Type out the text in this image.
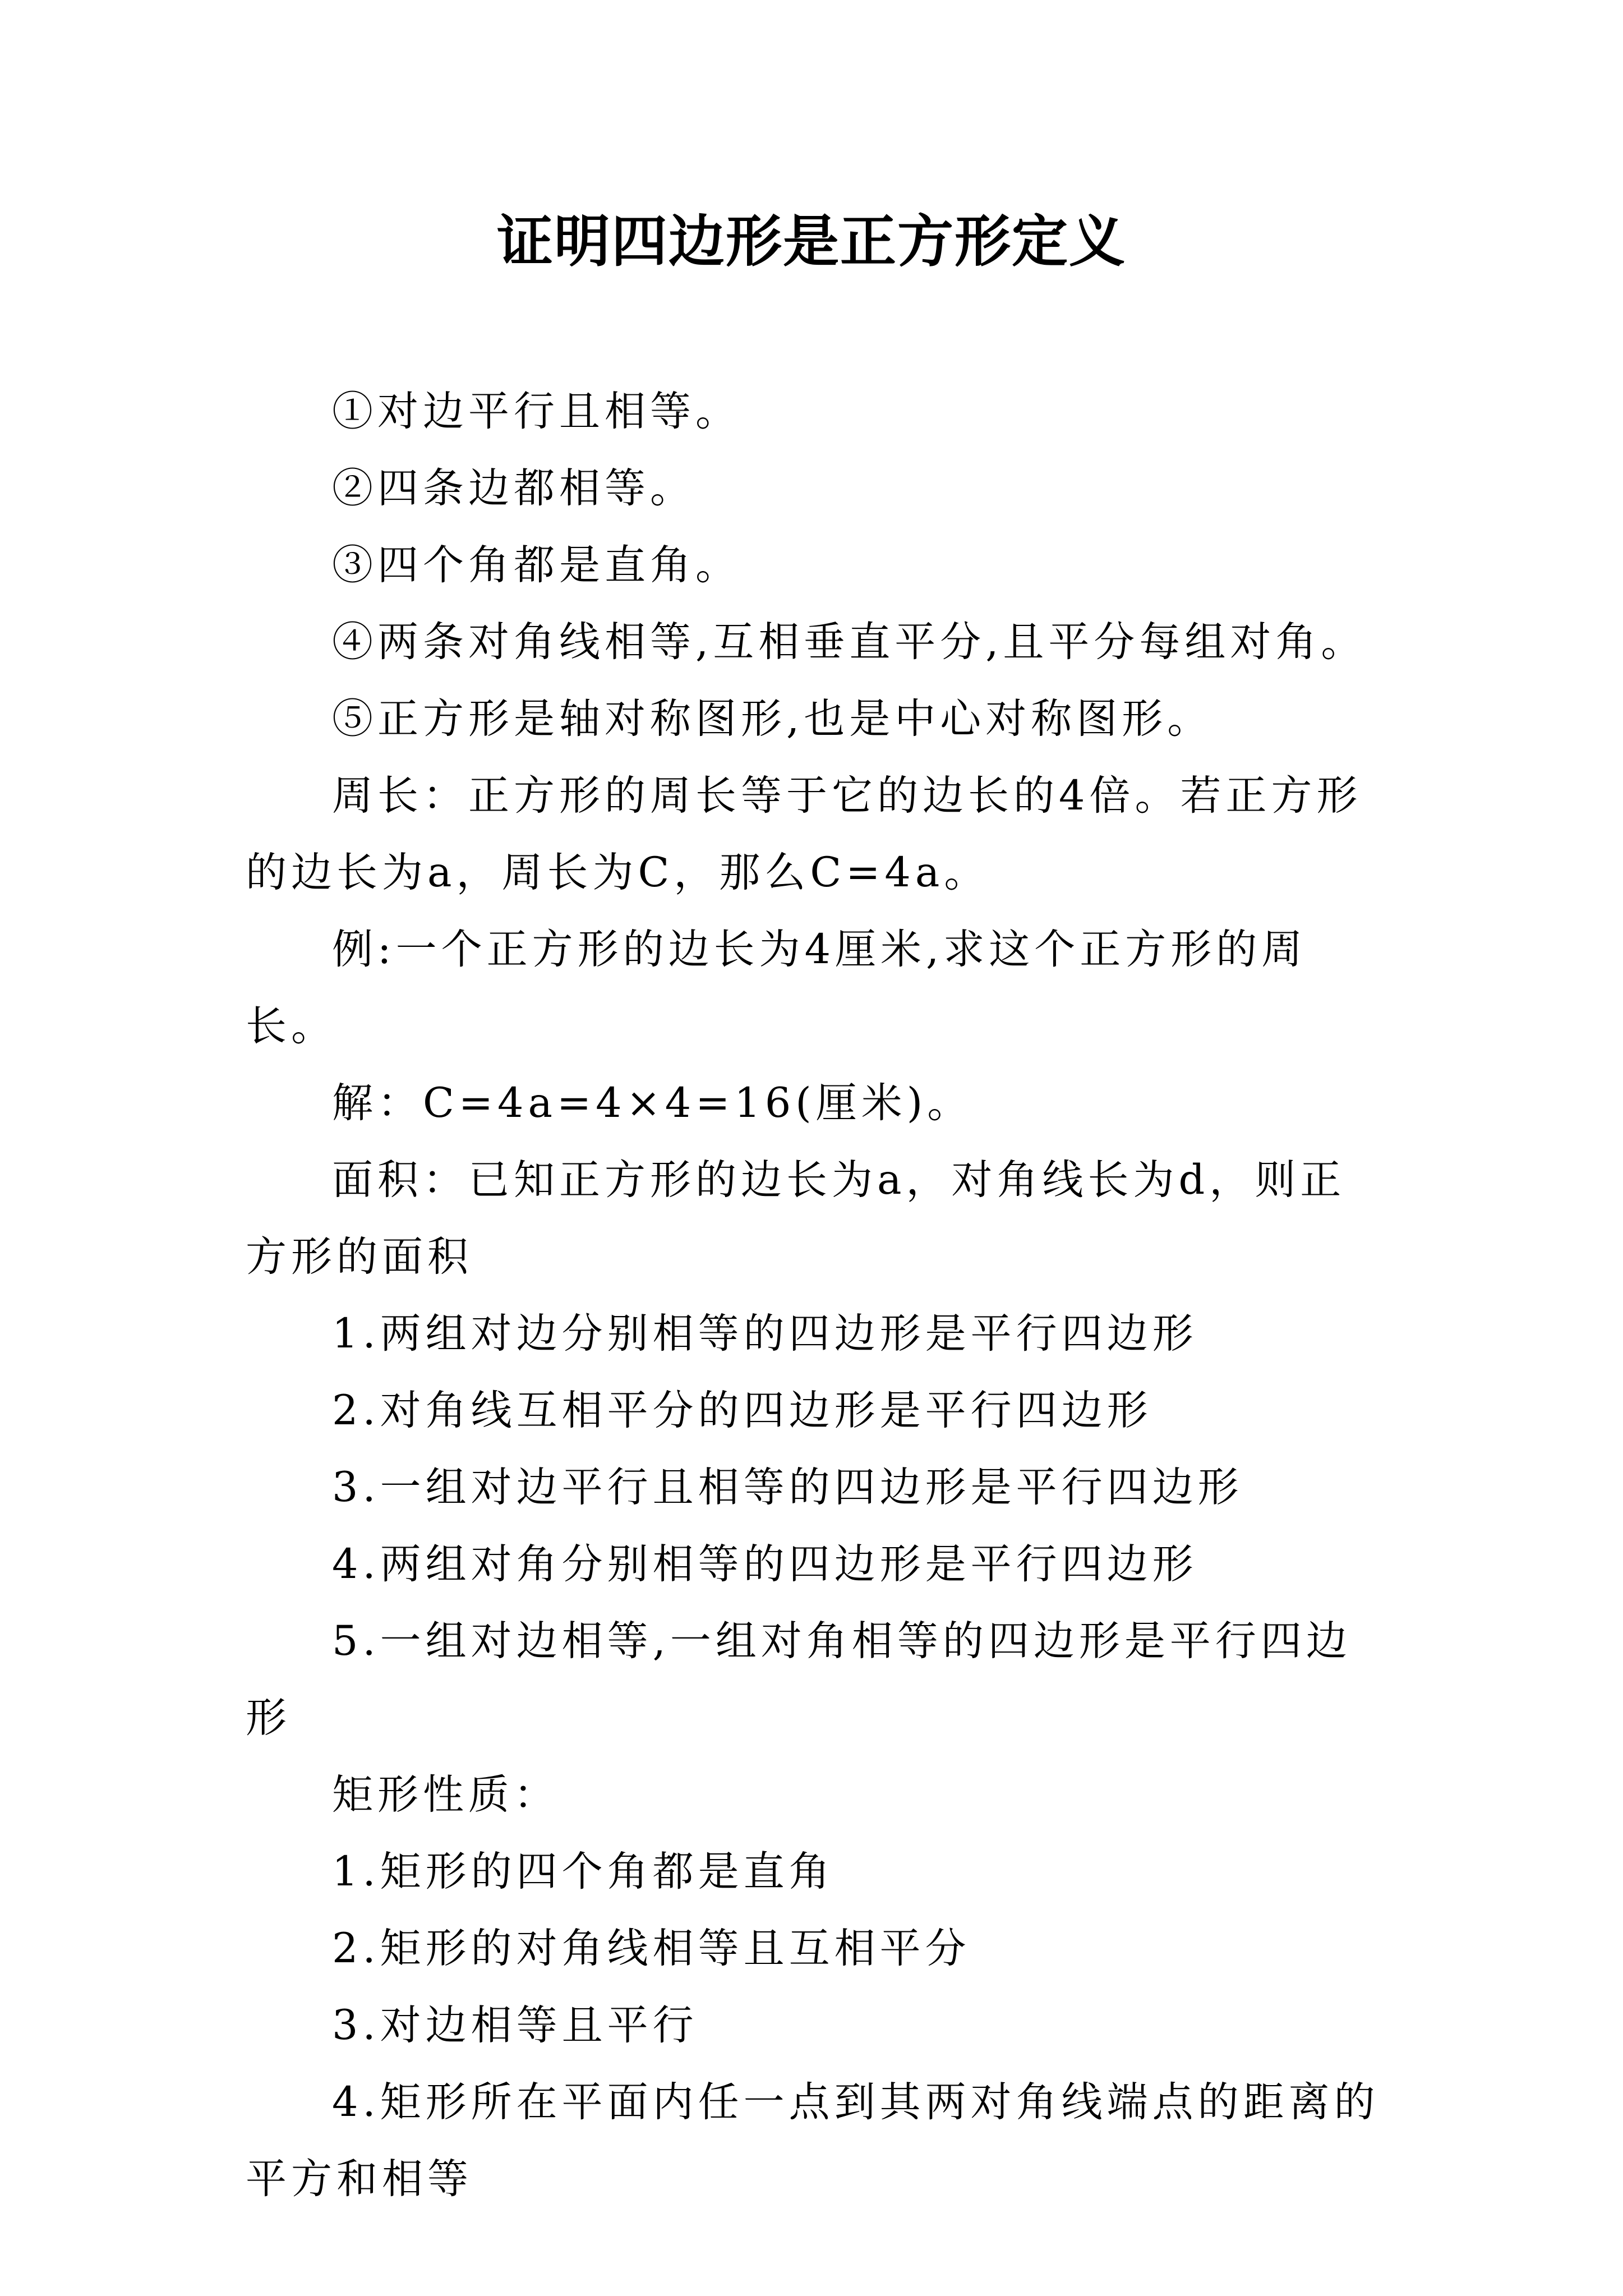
证明四边形是正方形定义

①对边平行且相等。

②四条边都相等。

③四个角都是直角。

④两条对角线相等,互相垂直平分,且平分每组对角。

⑤正方形是轴对称图形,也是中心对称图形。

周长：正方形的周长等于它的边长的4倍。若正方形的边长为a，周长为C，那么C=4a。

例:一个正方形的边长为4厘米,求这个正方形的周长。

解：C=4a=4×4=16(厘米)。

面积：已知正方形的边长为a，对角线长为d，则正方形的面积

1.两组对边分别相等的四边形是平行四边形

2.对角线互相平分的四边形是平行四边形

3.一组对边平行且相等的四边形是平行四边形

4.两组对角分别相等的四边形是平行四边形

5.一组对边相等,一组对角相等的四边形是平行四边形

矩形性质：

1.矩形的四个角都是直角

2.矩形的对角线相等且互相平分

3.对边相等且平行

4.矩形所在平面内任一点到其两对角线端点的距离的平方和相等
